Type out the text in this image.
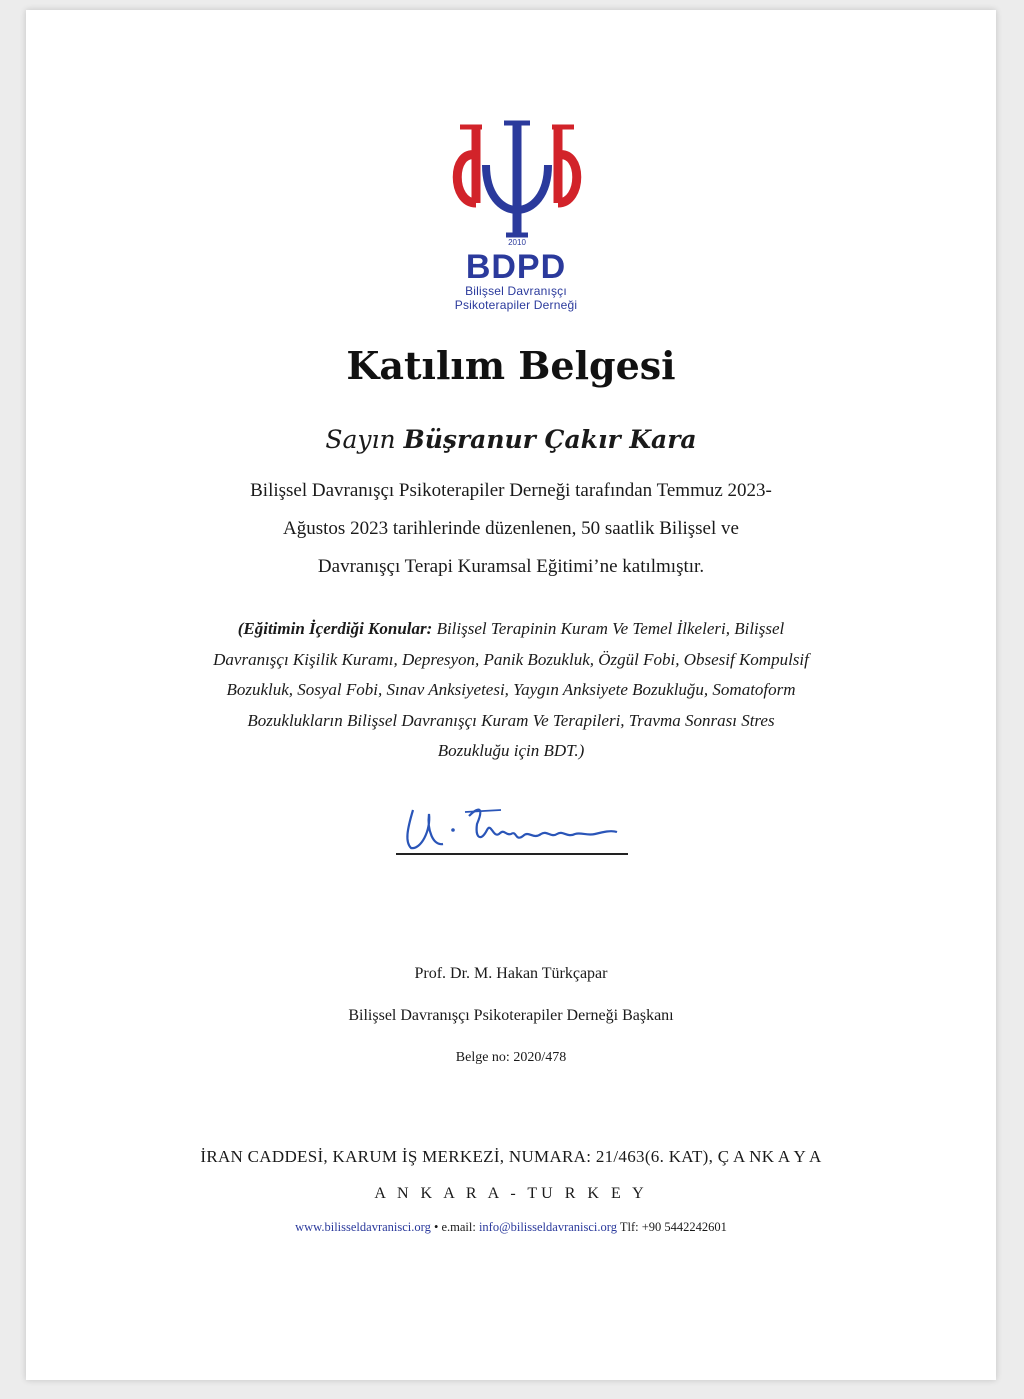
2010
BDPD
Bilişsel Davranışçı
Psikoterapiler Derneği
Katılım Belgesi
Sayın Büşranur Çakır Kara
Bilişsel Davranışçı Psikoterapiler Derneği tarafından Temmuz 2023-
Ağustos 2023 tarihlerinde düzenlenen, 50 saatlik Bilişsel ve
Davranışçı Terapi Kuramsal Eğitimi’ne katılmıştır.
(Eğitimin İçerdiği Konular: Bilişsel Terapinin Kuram Ve Temel İlkeleri, Bilişsel
Davranışçı Kişilik Kuramı, Depresyon, Panik Bozukluk, Özgül Fobi, Obsesif Kompulsif
Bozukluk, Sosyal Fobi, Sınav Anksiyetesi, Yaygın Anksiyete Bozukluğu, Somatoform
Bozuklukların Bilişsel Davranışçı Kuram Ve Terapileri, Travma Sonrası Stres
Bozukluğu için BDT.)
Prof. Dr. M. Hakan Türkçapar
Bilişsel Davranışçı Psikoterapiler Derneği Başkanı
Belge no: 2020/478
İRAN CADDESİ, KARUM İŞ MERKEZİ, NUMARA: 21/463(6. KAT), Ç A NK A Y A
A N K A R A - TU R K E Y
www.bilisseldavranisci.org • e.mail: info@bilisseldavranisci.org Tlf: +90 5442242601
